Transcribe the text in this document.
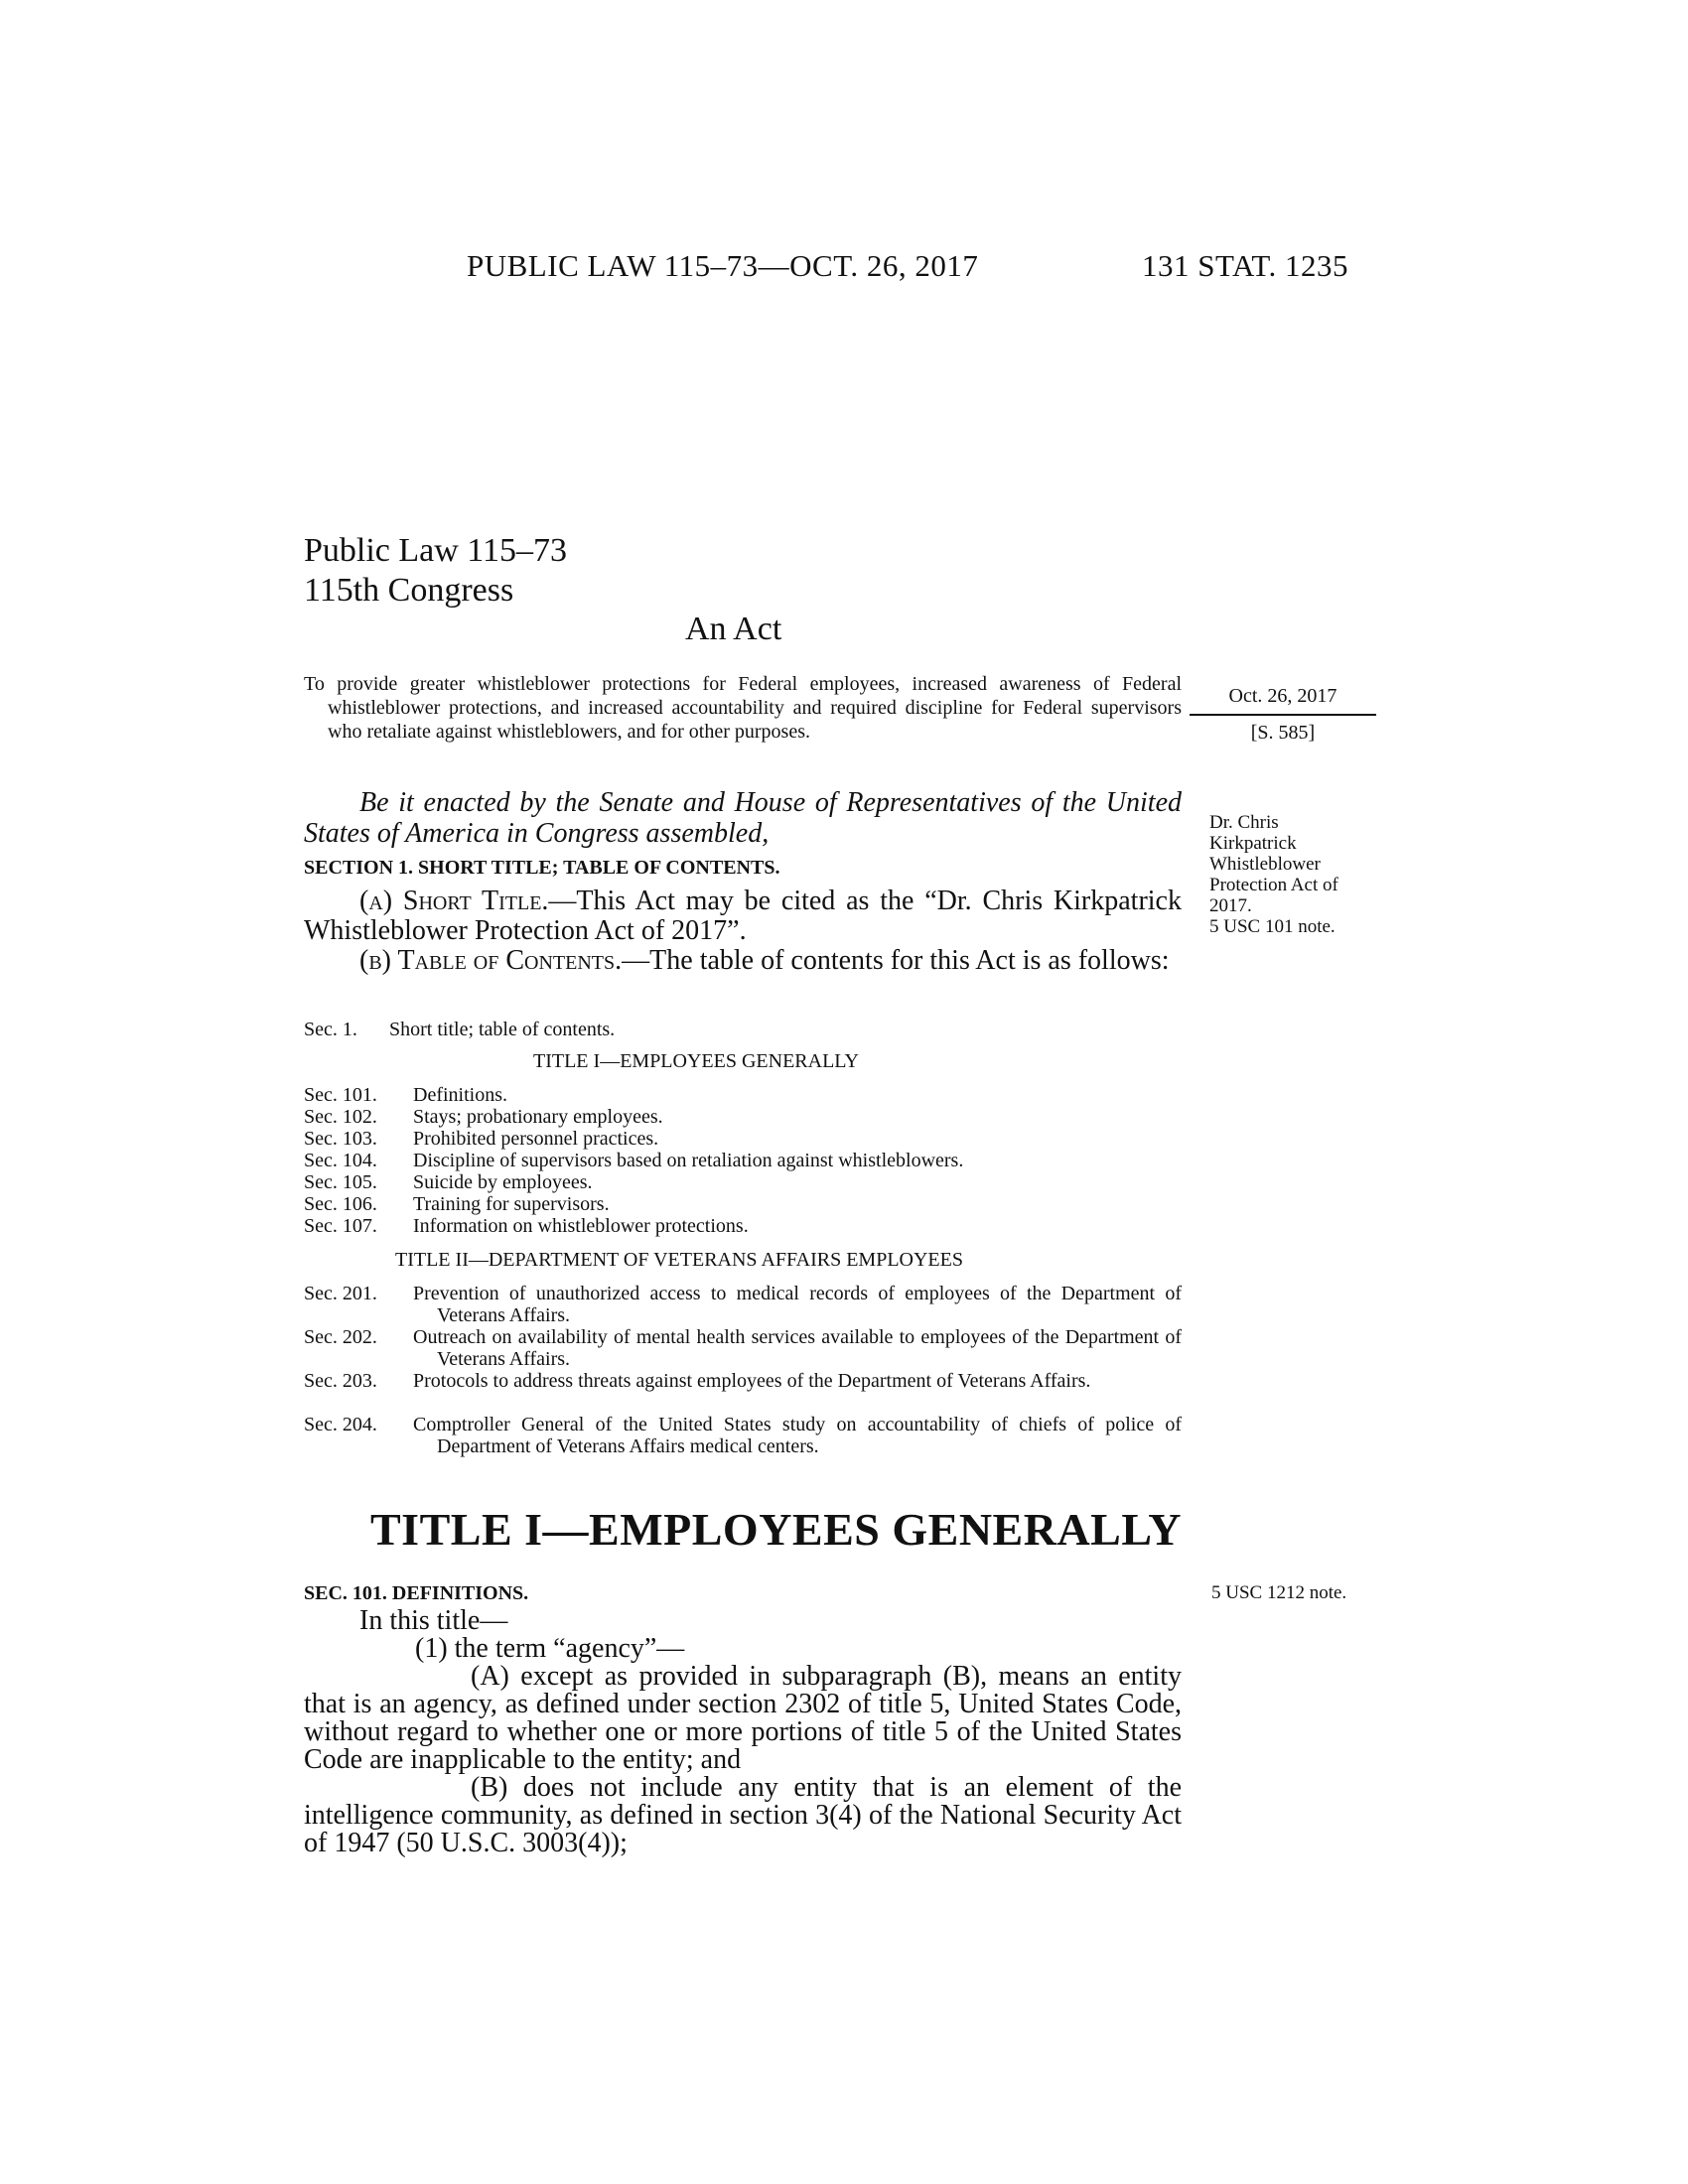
PUBLIC LAW 115–73—OCT. 26, 2017	131 STAT. 1235
Public Law 115–73
115th Congress
An Act
To provide greater whistleblower protections for Federal employees, increased awareness of Federal whistleblower protections, and increased accountability and required discipline for Federal supervisors who retaliate against whistleblowers, and for other purposes.
Oct. 26, 2017
[S. 585]
Be it enacted by the Senate and House of Representatives of the United States of America in Congress assembled,	Dr. Chris
Kirkpatrick
Whistleblower
Protection Act of
2017.
5 USC 101 note.
SECTION 1. SHORT TITLE; TABLE OF CONTENTS.
(a) Short Title.—This Act may be cited as the “Dr. Chris Kirkpatrick Whistleblower Protection Act of 2017”.
(b) Table of Contents.—The table of contents for this Act is as follows:
Sec. 1. Short title; table of contents.
TITLE I—EMPLOYEES GENERALLY
Sec. 101. Definitions.
Sec. 102. Stays; probationary employees.
Sec. 103. Prohibited personnel practices.
Sec. 104. Discipline of supervisors based on retaliation against whistleblowers.
Sec. 105. Suicide by employees.
Sec. 106. Training for supervisors.
Sec. 107. Information on whistleblower protections.
TITLE II—DEPARTMENT OF VETERANS AFFAIRS EMPLOYEES
Sec. 201. Prevention of unauthorized access to medical records of employees of the Department of Veterans Affairs.
Sec. 202. Outreach on availability of mental health services available to employees of the Department of Veterans Affairs.
Sec. 203. Protocols to address threats against employees of the Department of Veterans Affairs.
Sec. 204. Comptroller General of the United States study on accountability of chiefs of police of Department of Veterans Affairs medical centers.
TITLE I—EMPLOYEES GENERALLY
SEC. 101. DEFINITIONS.	5 USC 1212 note.

In this title—

(1) the term “agency”—

(A) except as provided in subparagraph (B), means an entity that is an agency, as defined under section 2302 of title 5, United States Code, without regard to whether one or more portions of title 5 of the United States Code are inapplicable to the entity; and

(B) does not include any entity that is an element of the intelligence community, as defined in section 3(4) of the National Security Act of 1947 (50 U.S.C. 3003(4));
